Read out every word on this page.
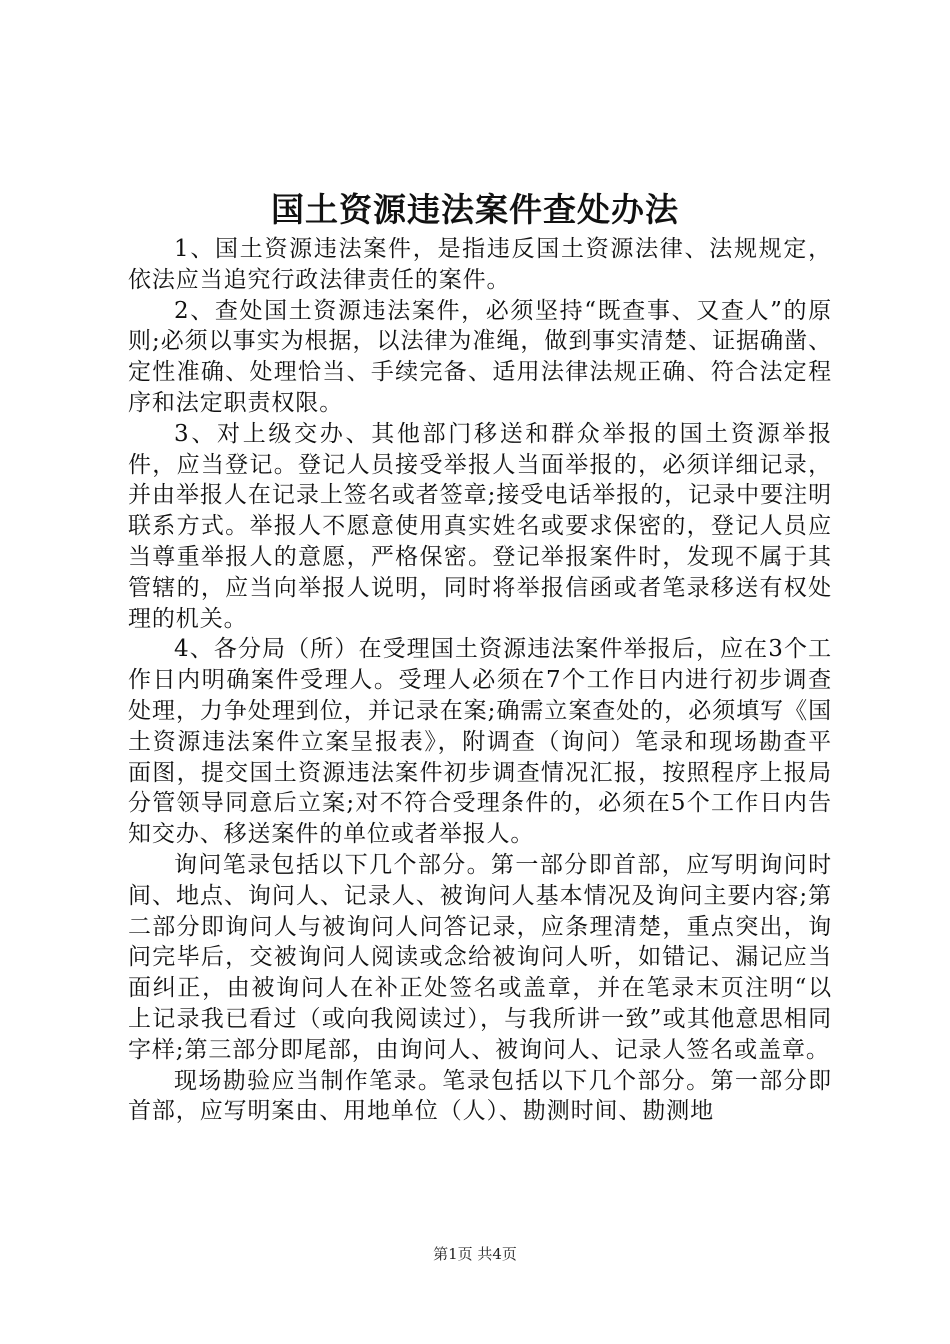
国土资源违法案件查处办法

1、国土资源违法案件，是指违反国土资源法律、法规规定，依法应当追究行政法律责任的案件。

2、查处国土资源违法案件，必须坚持“既查事、又查人”的原则;必须以事实为根据，以法律为准绳，做到事实清楚、证据确凿、定性准确、处理恰当、手续完备、适用法律法规正确、符合法定程序和法定职责权限。

3、对上级交办、其他部门移送和群众举报的国土资源举报件，应当登记。登记人员接受举报人当面举报的，必须详细记录，并由举报人在记录上签名或者签章;接受电话举报的，记录中要注明联系方式。举报人不愿意使用真实姓名或要求保密的，登记人员应当尊重举报人的意愿，严格保密。登记举报案件时，发现不属于其管辖的，应当向举报人说明，同时将举报信函或者笔录移送有权处理的机关。

4、各分局（所）在受理国土资源违法案件举报后，应在3个工作日内明确案件受理人。受理人必须在7个工作日内进行初步调查处理，力争处理到位，并记录在案;确需立案查处的，必须填写《国土资源违法案件立案呈报表》，附调查（询问）笔录和现场勘查平面图，提交国土资源违法案件初步调查情况汇报，按照程序上报局分管领导同意后立案;对不符合受理条件的，必须在5个工作日内告知交办、移送案件的单位或者举报人。

询问笔录包括以下几个部分。第一部分即首部，应写明询问时间、地点、询问人、记录人、被询问人基本情况及询问主要内容;第二部分即询问人与被询问人问答记录，应条理清楚，重点突出，询问完毕后，交被询问人阅读或念给被询问人听，如错记、漏记应当面纠正，由被询问人在补正处签名或盖章，并在笔录末页注明“以上记录我已看过（或向我阅读过），与我所讲一致”或其他意思相同字样;第三部分即尾部，由询问人、被询问人、记录人签名或盖章。

现场勘验应当制作笔录。笔录包括以下几个部分。第一部分即首部，应写明案由、用地单位（人）、勘测时间、勘测地

第1页 共4页
